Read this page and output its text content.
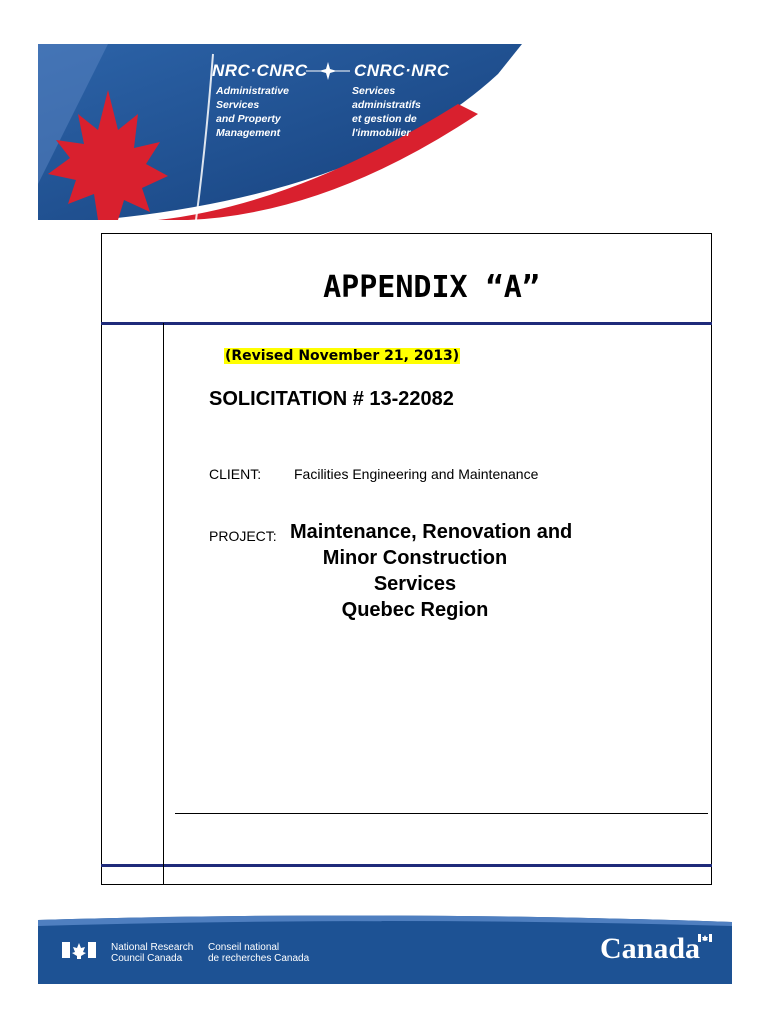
NRC·CNRC	CNRC·NRC
Administrative
Services
and Property
Management
Services
administratifs
et gestion de
l'immobilier
APPENDIX “A”
(Revised November 21, 2013)
SOLICITATION # 13-22082
CLIENT: Facilities Engineering and Maintenance
PROJECT: Maintenance, Renovation and
Minor Construction
Services
Quebec Region
National Research
Council Canada
Conseil national
de recherches Canada	Canada
